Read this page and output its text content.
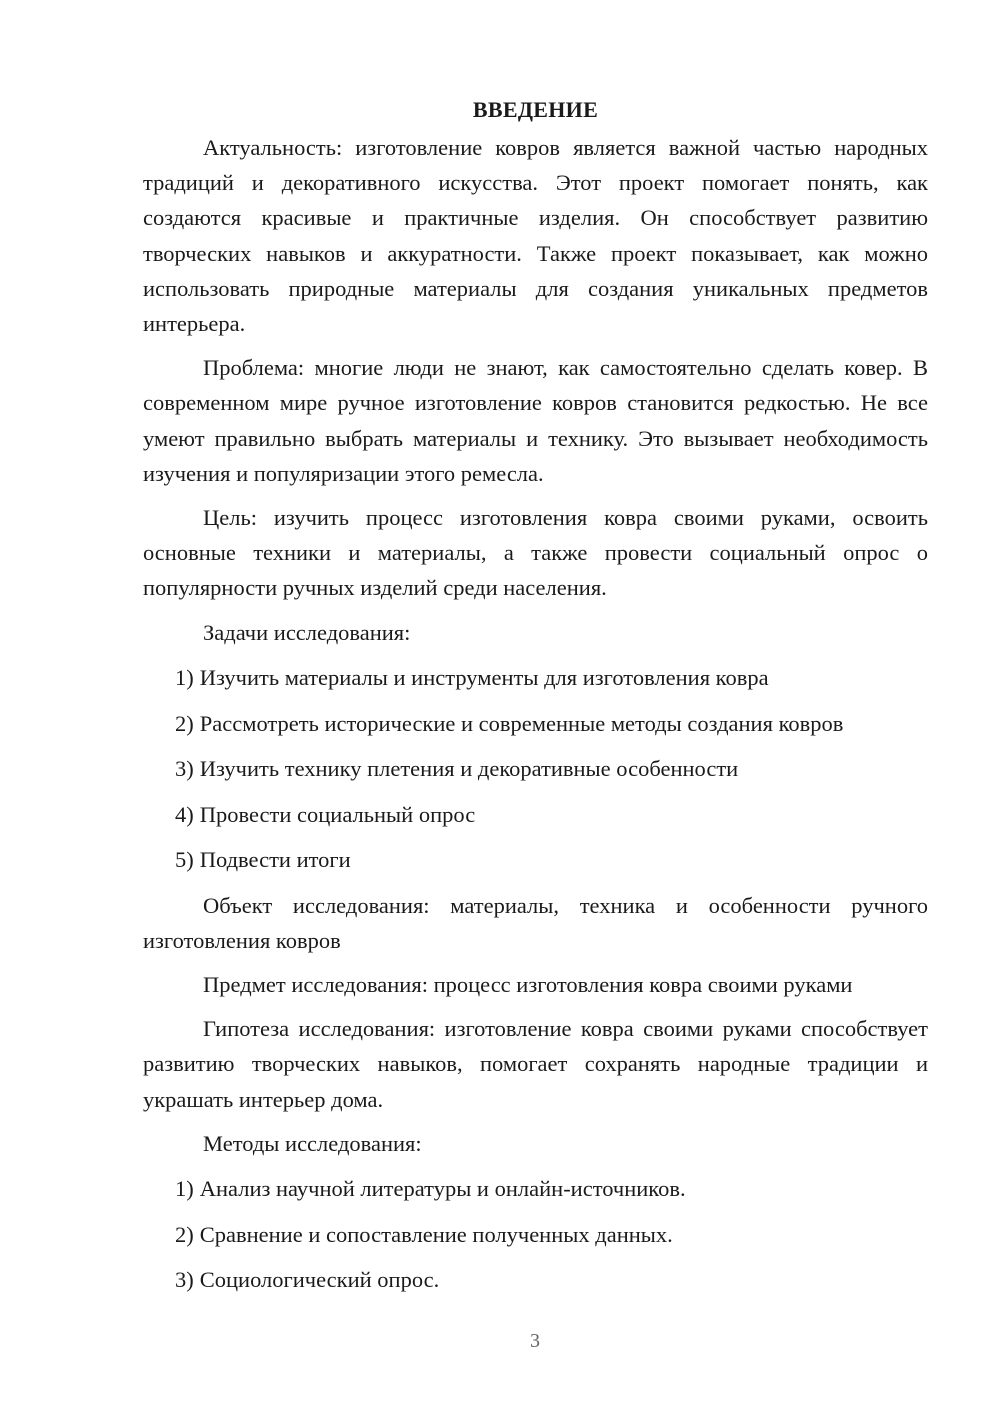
ВВЕДЕНИЕ

Актуальность: изготовление ковров является важной частью народных традиций и декоративного искусства. Этот проект помогает понять, как создаются красивые и практичные изделия. Он способствует развитию творческих навыков и аккуратности. Также проект показывает, как можно использовать природные материалы для создания уникальных предметов интерьера.

Проблема: многие люди не знают, как самостоятельно сделать ковер. В современном мире ручное изготовление ковров становится редкостью. Не все умеют правильно выбрать материалы и технику. Это вызывает необходимость изучения и популяризации этого ремесла.

Цель: изучить процесс изготовления ковра своими руками, освоить основные техники и материалы, а также провести социальный опрос о популярности ручных изделий среди населения.

Задачи исследования:
1) Изучить материалы и инструменты для изготовления ковра
2) Рассмотреть исторические и современные методы создания ковров
3) Изучить технику плетения и декоративные особенности
4) Провести социальный опрос
5) Подвести итоги

Объект исследования: материалы, техника и особенности ручного изготовления ковров

Предмет исследования: процесс изготовления ковра своими руками

Гипотеза исследования: изготовление ковра своими руками способствует развитию творческих навыков, помогает сохранять народные традиции и украшать интерьер дома.

Методы исследования:
1) Анализ научной литературы и онлайн-источников.
2) Сравнение и сопоставление полученных данных.
3) Социологический опрос.
3
